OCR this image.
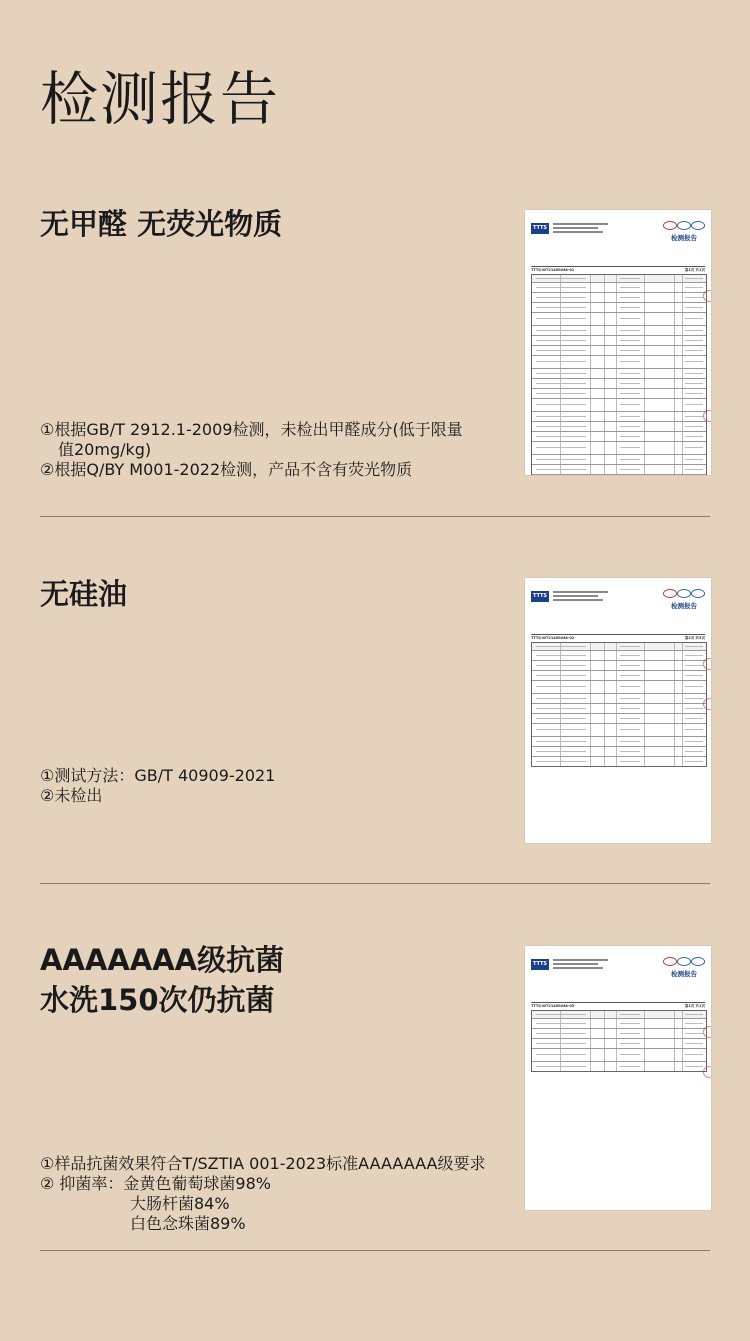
检测报告
无甲醛 无荧光物质
①根据GB/T 2912.1-2009检测，未检出甲醛成分(低于限量
值20mg/kg)
②根据Q/BY M001-2022检测，产品不含有荧光物质
TTTS
检测报告
TTTS-WT21400048-01	第1页 共1页
无硅油
①测试方法：GB/T 40909-2021
②未检出
TTTS
检测报告
TTTS-WT21400048-02	第2页 共3页
AAAAAAA级抗菌
水洗150次仍抗菌
①样品抗菌效果符合T/SZTIA 001-2023标准AAAAAAA级要求
② 抑菌率：金黄色葡萄球菌98%
大肠杆菌84%
白色念珠菌89%
TTTS
检测报告
TTTS-WT21400048-03	第1页 共1页
